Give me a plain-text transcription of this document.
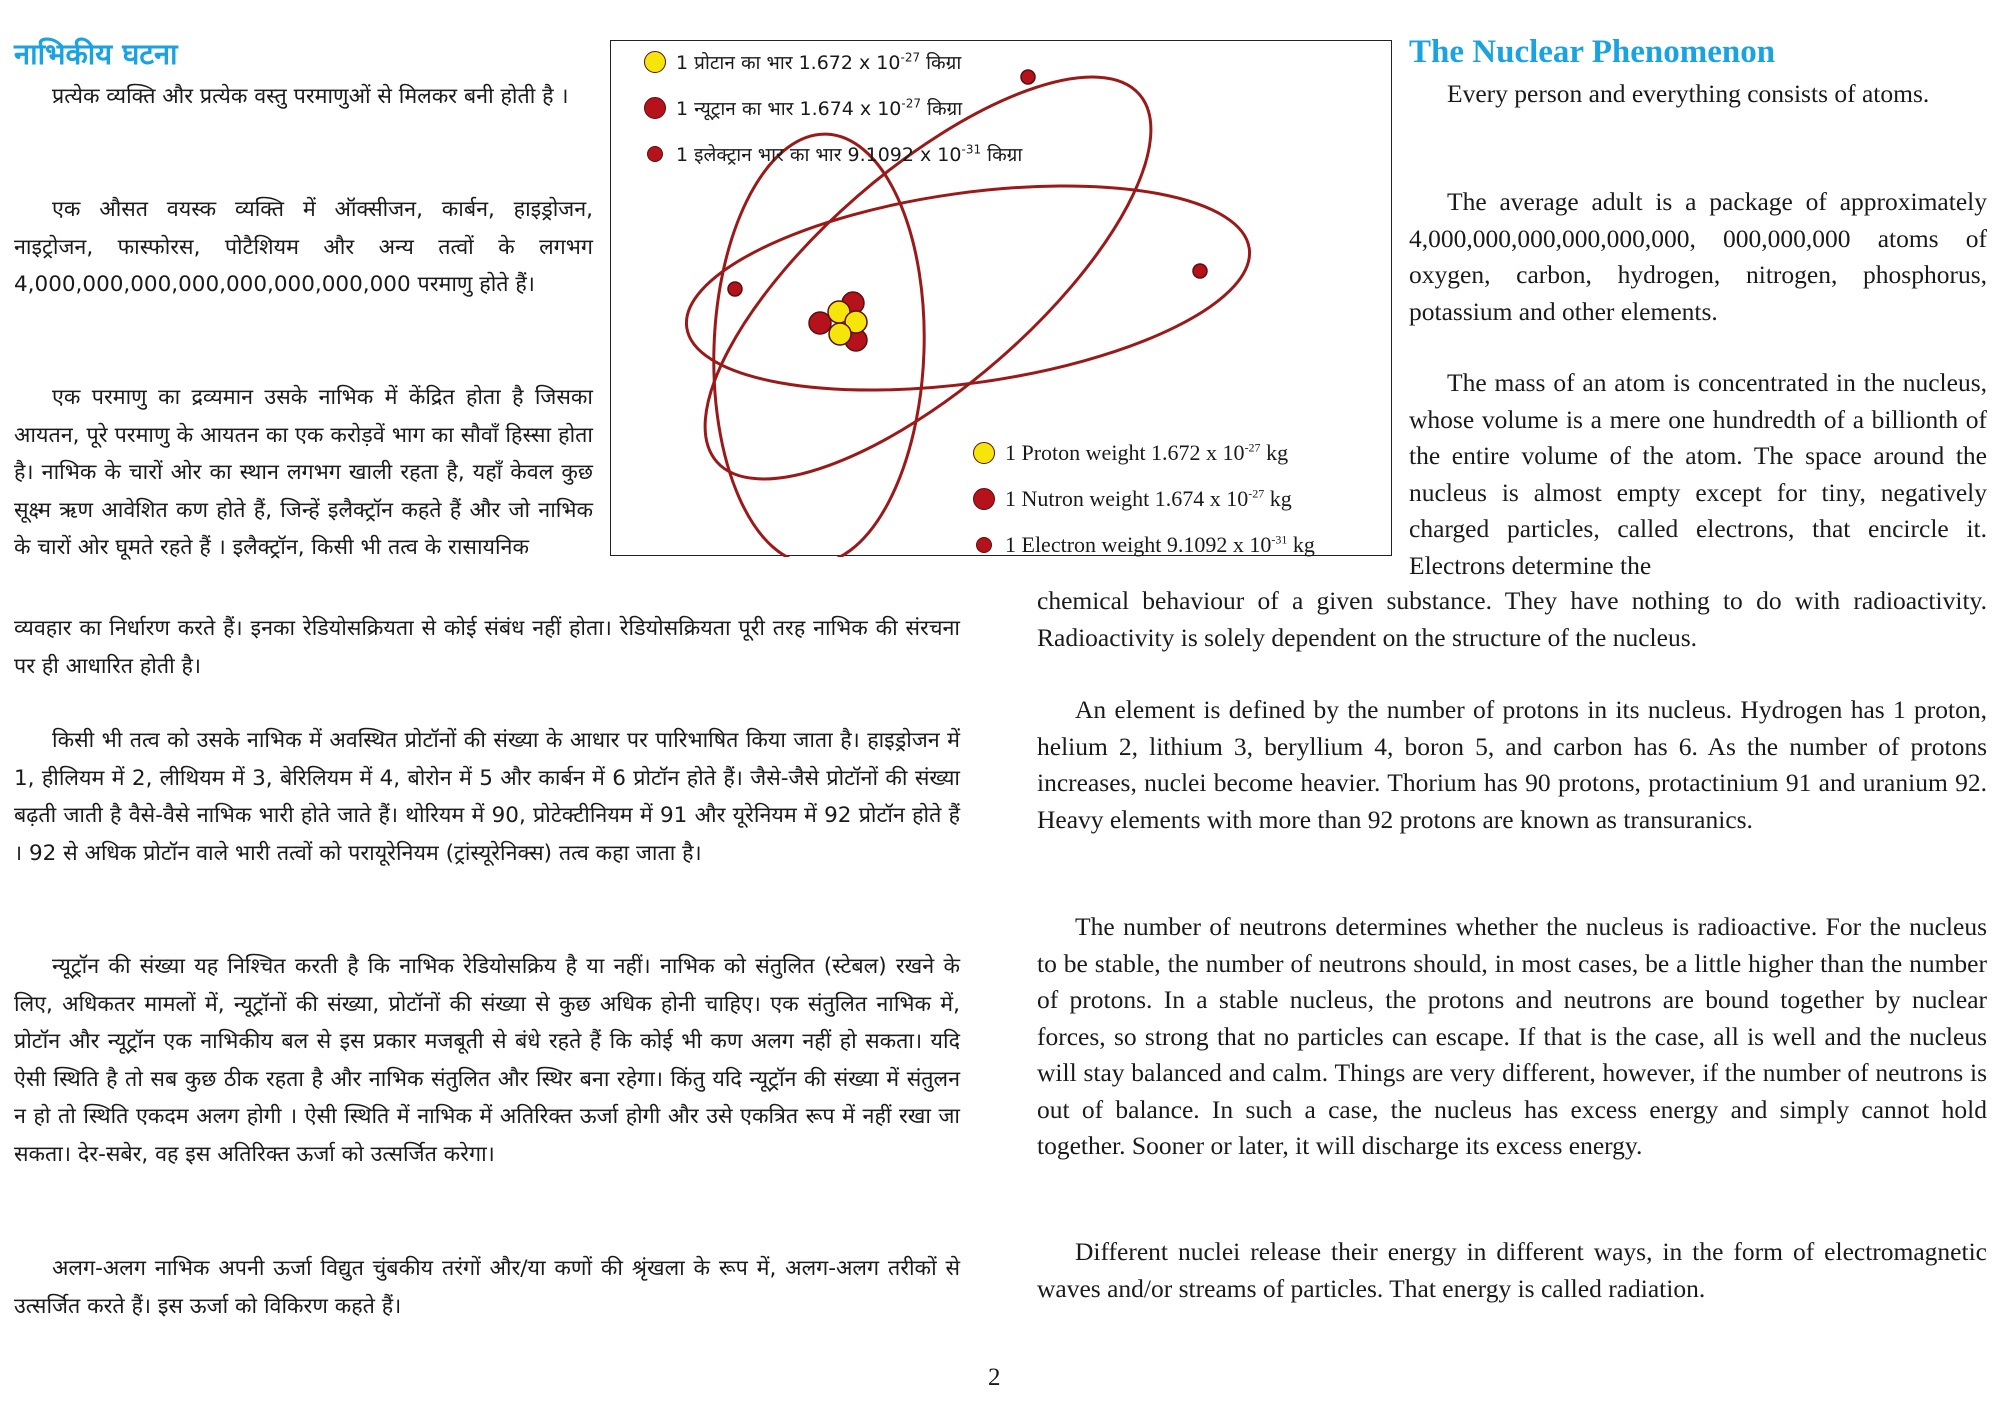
नाभिकीय घटना

प्रत्येक व्यक्ति और प्रत्येक वस्तु परमाणुओं से मिलकर बनी होती है ।

एक औसत वयस्क व्यक्ति में ऑक्सीजन, कार्बन, हाइड्रोजन, नाइट्रोजन, फास्फोरस, पोटैशियम और अन्य तत्वों के लगभग 4,000,000,000,000,000,000,000,000 परमाणु होते हैं।

एक परमाणु का द्रव्यमान उसके नाभिक में केंद्रित होता है जिसका आयतन, पूरे परमाणु के आयतन का एक करोड़वें भाग का सौवाँ हिस्सा होता है। नाभिक के चारों ओर का स्थान लगभग खाली रहता है, यहाँ केवल कुछ सूक्ष्म ऋण आवेशित कण होते हैं, जिन्हें इलैक्ट्रॉन कहते हैं और जो नाभिक के चारों ओर घूमते रहते हैं । इलैक्ट्रॉन, किसी भी तत्व के रासायनिक

व्यवहार का निर्धारण करते हैं। इनका रेडियोसक्रियता से कोई संबंध नहीं होता। रेडियोसक्रियता पूरी तरह नाभिक की संरचना पर ही आधारित होती है।

किसी भी तत्व को उसके नाभिक में अवस्थित प्रोटॉनों की संख्या के आधार पर पारिभाषित किया जाता है। हाइड्रोजन में 1, हीलियम में 2, लीथियम में 3, बेरिलियम में 4, बोरोन में 5 और कार्बन में 6 प्रोटॉन होते हैं। जैसे-जैसे प्रोटॉनों की संख्या बढ़ती जाती है वैसे-वैसे नाभिक भारी होते जाते हैं। थोरियम में 90, प्रोटेक्टीनियम में 91 और यूरेनियम में 92 प्रोटॉन होते हैं । 92 से अधिक प्रोटॉन वाले भारी तत्वों को परायूरेनियम (ट्रांस्यूरेनिक्स) तत्व कहा जाता है।

न्यूट्रॉन की संख्या यह निश्चित करती है कि नाभिक रेडियोसक्रिय है या नहीं। नाभिक को संतुलित (स्टेबल) रखने के लिए, अधिकतर मामलों में, न्यूट्रॉनों की संख्या, प्रोटॉनों की संख्या से कुछ अधिक होनी चाहिए। एक संतुलित नाभिक में, प्रोटॉन और न्यूट्रॉन एक नाभिकीय बल से इस प्रकार मजबूती से बंधे रहते हैं कि कोई भी कण अलग नहीं हो सकता। यदि ऐसी स्थिति है तो सब कुछ ठीक रहता है और नाभिक संतुलित और स्थिर बना रहेगा। किंतु यदि न्यूट्रॉन की संख्या में संतुलन न हो तो स्थिति एकदम अलग होगी । ऐसी स्थिति में नाभिक में अतिरिक्त ऊर्जा होगी और उसे एकत्रित रूप में नहीं रखा जा सकता। देर-सबेर, वह इस अतिरिक्त ऊर्जा को उत्सर्जित करेगा।

अलग-अलग नाभिक अपनी ऊर्जा विद्युत चुंबकीय तरंगों और/या कणों की श्रृंखला के रूप में, अलग-अलग तरीकों से उत्सर्जित करते हैं। इस ऊर्जा को विकिरण कहते हैं।

1 प्रोटान का भार 1.672 x $10^{-27}$ किग्रा
1 न्यूट्रान का भार 1.674 x $10^{-27}$ किग्रा
1 इलेक्ट्रान भार का भार 9.1092 x $10^{-31}$ किग्रा
1 Proton weight 1.672 x $10^{-27}$ kg
1 Nutron weight 1.674 x $10^{-27}$ kg
1 Electron weight 9.1092 x $10^{-31}$ kg
The Nuclear Phenomenon

Every person and everything consists of atoms.

The average adult is a package of approximately 4,000,000,000,000,000,000, 000,000,000 atoms of oxygen, carbon, hydrogen, nitrogen, phosphorus, potassium and other elements.

The mass of an atom is concentrated in the nucleus, whose volume is a mere one hundredth of a billionth of the entire volume of the atom. The space around the nucleus is almost empty except for tiny, negatively charged particles, called electrons, that encircle it. Electrons determine the

chemical behaviour of a given substance. They have nothing to do with radioactivity. Radioactivity is solely dependent on the structure of the nucleus.

An element is defined by the number of protons in its nucleus. Hydrogen has 1 proton, helium 2, lithium 3, beryllium 4, boron 5, and carbon has 6. As the number of protons increases, nuclei become heavier. Thorium has 90 protons, protactinium 91 and uranium 92. Heavy elements with more than 92 protons are known as transuranics.

The number of neutrons determines whether the nucleus is radioactive. For the nucleus to be stable, the number of neutrons should, in most cases, be a little higher than the number of protons. In a stable nucleus, the protons and neutrons are bound together by nuclear forces, so strong that no particles can escape. If that is the case, all is well and the nucleus will stay balanced and calm. Things are very different, however, if the number of neutrons is out of balance. In such a case, the nucleus has excess energy and simply cannot hold together. Sooner or later, it will discharge its excess energy.

Different nuclei release their energy in different ways, in the form of electromagnetic waves and/or streams of particles. That energy is called radiation.

2
